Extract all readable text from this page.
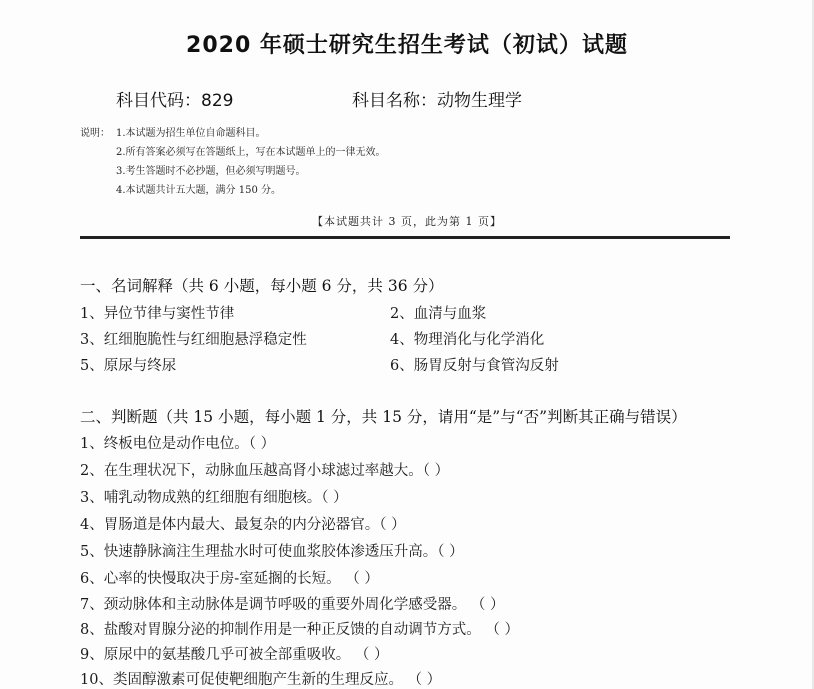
2020 年硕士研究生招生考试（初试）试题
科目代码：829	科目名称：动物生理学
说明： 1.本试题为招生单位自命题科目。
2.所有答案必须写在答题纸上，写在本试题单上的一律无效。
3.考生答题时不必抄题，但必须写明题号。
4.本试题共计五大题，满分 150 分。
【本试题共计 3 页，此为第 1 页】
一、名词解释（共 6 小题，每小题 6 分，共 36 分）
1、异位节律与窦性节律	2、血清与血浆
3、红细胞脆性与红细胞悬浮稳定性	4、物理消化与化学消化
5、原尿与终尿	6、肠胃反射与食管沟反射
二、判断题（共 15 小题，每小题 1 分，共 15 分，请用“是”与“否”判断其正确与错误）
1、终板电位是动作电位。（ ）
2、在生理状况下，动脉血压越高肾小球滤过率越大。（ ）
3、哺乳动物成熟的红细胞有细胞核。（ ）
4、胃肠道是体内最大、最复杂的内分泌器官。（ ）
5、快速静脉滴注生理盐水时可使血浆胶体渗透压升高。（ ）
6、心率的快慢取决于房-室延搁的长短。 （ ）
7、颈动脉体和主动脉体是调节呼吸的重要外周化学感受器。 （ ）
8、盐酸对胃腺分泌的抑制作用是一种正反馈的自动调节方式。 （ ）
9、原尿中的氨基酸几乎可被全部重吸收。 （ ）
10、类固醇激素可促使靶细胞产生新的生理反应。 （ ）
